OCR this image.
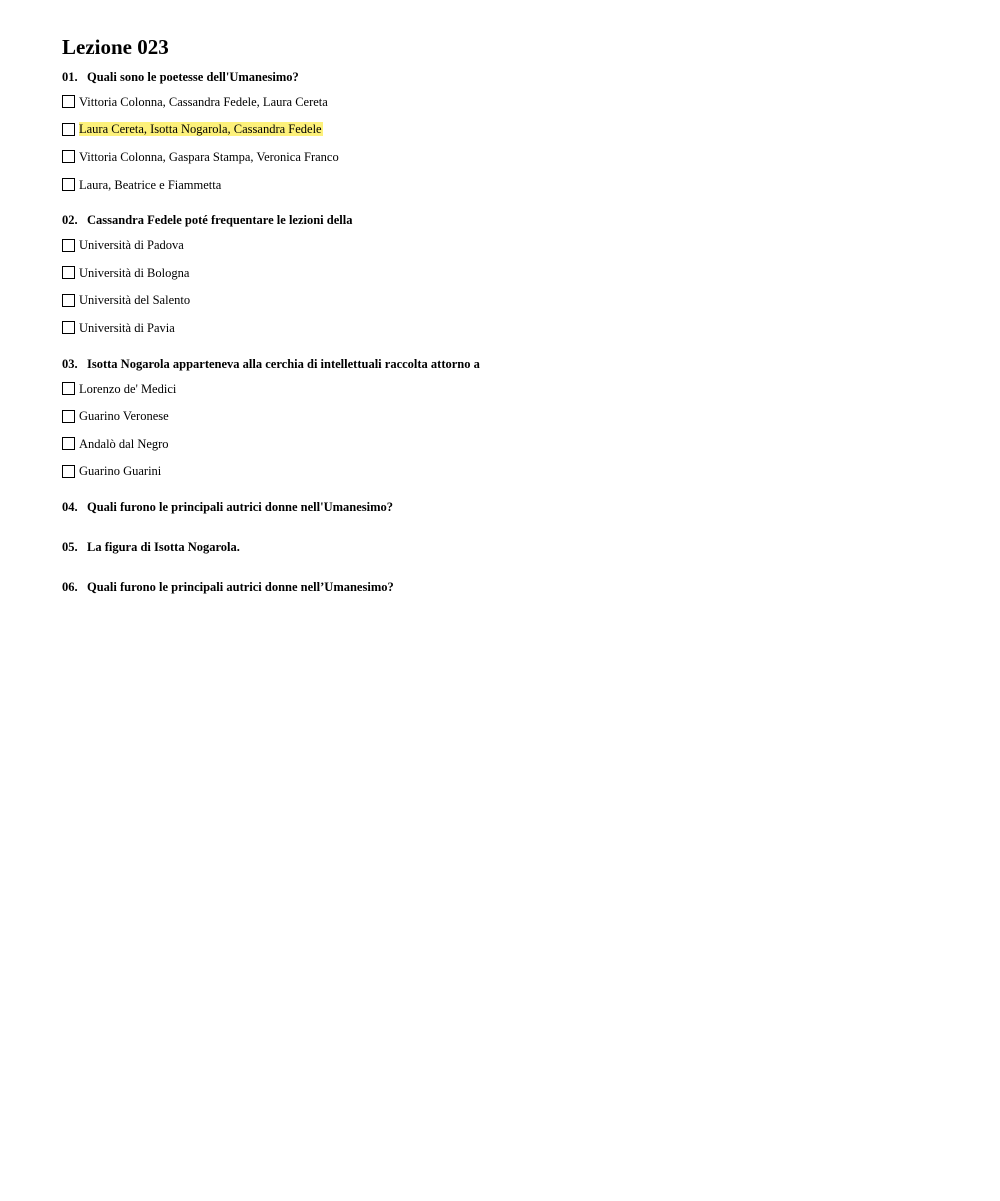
Lezione 023
01. Quali sono le poetesse dell'Umanesimo?
Vittoria Colonna, Cassandra Fedele, Laura Cereta
Laura Cereta, Isotta Nogarola, Cassandra Fedele
Vittoria Colonna, Gaspara Stampa, Veronica Franco
Laura, Beatrice e Fiammetta
02. Cassandra Fedele poté frequentare le lezioni della
Università di Padova
Università di Bologna
Università del Salento
Università di Pavia
03. Isotta Nogarola apparteneva alla cerchia di intellettuali raccolta attorno a
Lorenzo de' Medici
Guarino Veronese
Andalò dal Negro
Guarino Guarini
04. Quali furono le principali autrici donne nell'Umanesimo?
05. La figura di Isotta Nogarola.
06. Quali furono le principali autrici donne nell’Umanesimo?
